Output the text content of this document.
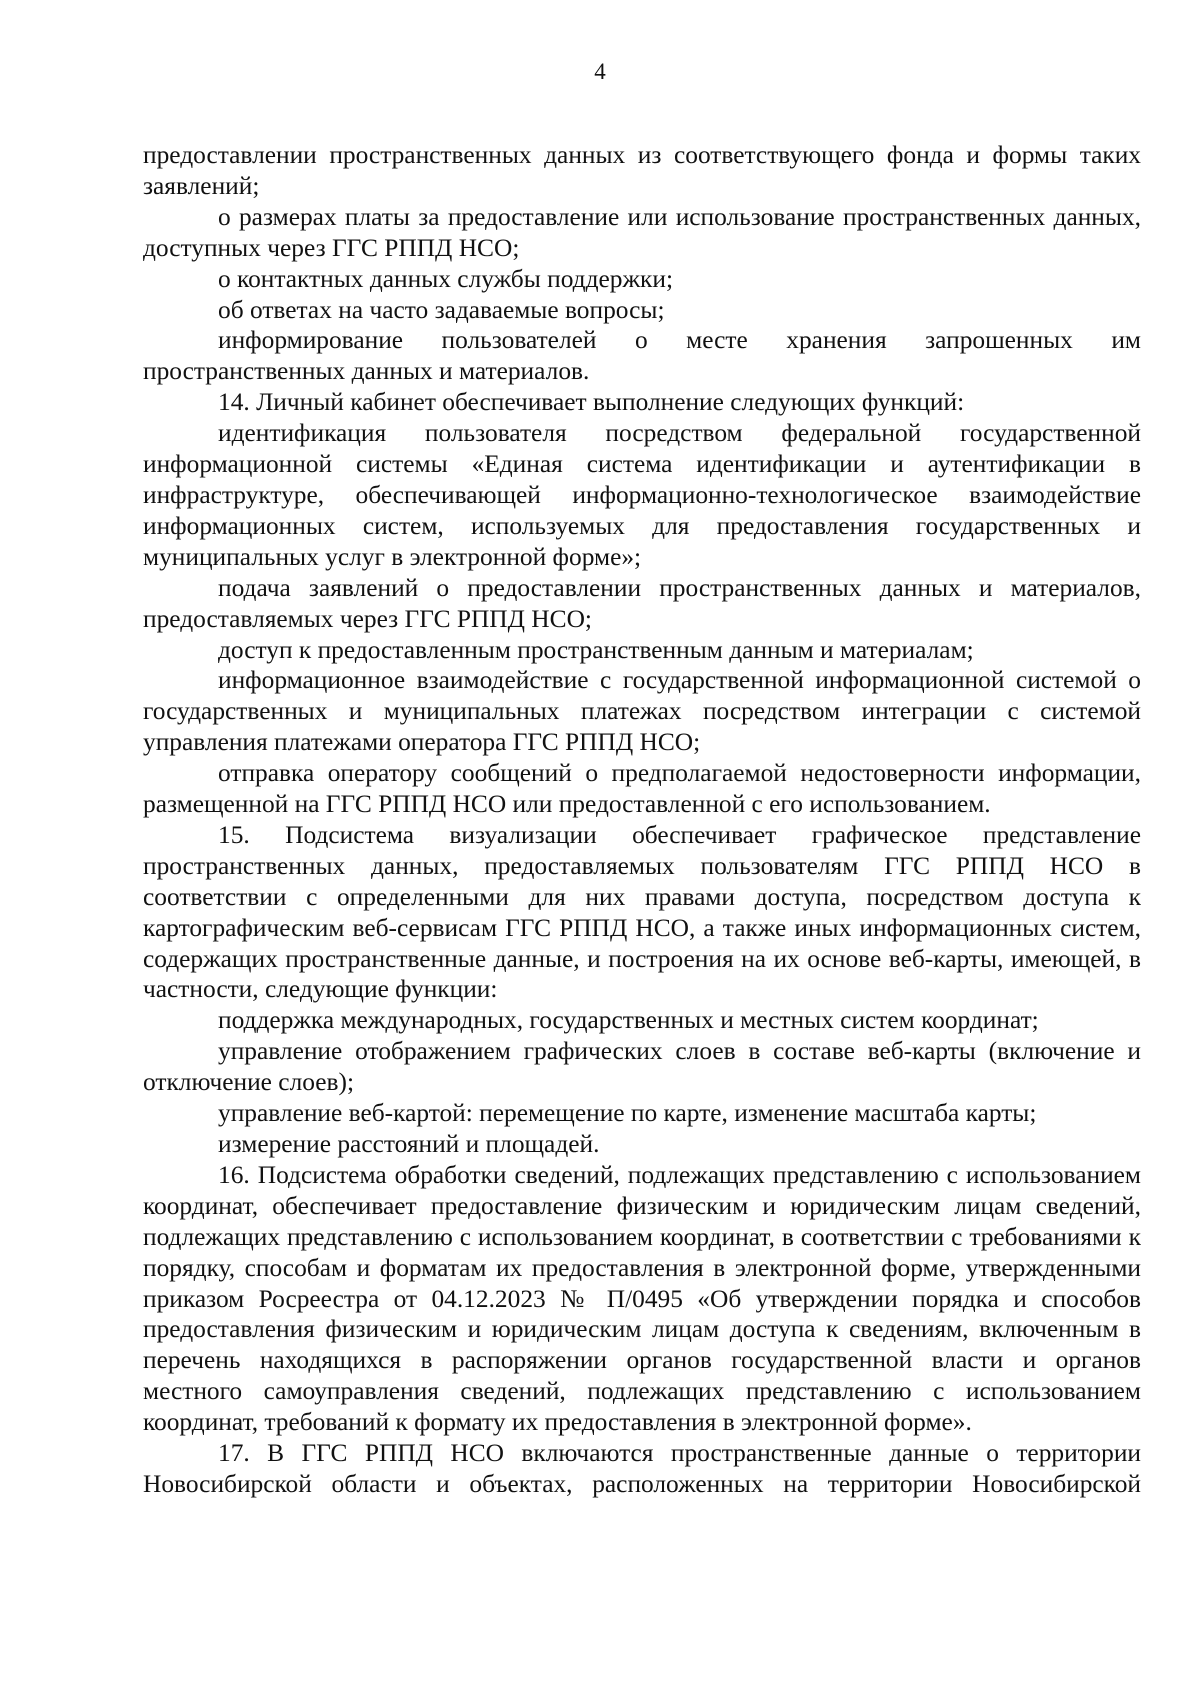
4

предоставлении пространственных данных из соответствующего фонда и формы таких заявлений;

о размерах платы за предоставление или использование пространственных данных, доступных через ГГС РППД НСО;

о контактных данных службы поддержки;

об ответах на часто задаваемые вопросы;

информирование пользователей о месте хранения запрошенных им пространственных данных и материалов.

14. Личный кабинет обеспечивает выполнение следующих функций:

идентификация пользователя посредством федеральной государственной информационной системы «Единая система идентификации и аутентификации в инфраструктуре, обеспечивающей информационно-технологическое взаимодействие информационных систем, используемых для предоставления государственных и муниципальных услуг в электронной форме»;

подача заявлений о предоставлении пространственных данных и материалов, предоставляемых через ГГС РППД НСО;

доступ к предоставленным пространственным данным и материалам;

информационное взаимодействие с государственной информационной системой о государственных и муниципальных платежах посредством интеграции с системой управления платежами оператора ГГС РППД НСО;

отправка оператору сообщений о предполагаемой недостоверности информации, размещенной на ГГС РППД НСО или предоставленной с его использованием.

15. Подсистема визуализации обеспечивает графическое представление пространственных данных, предоставляемых пользователям ГГС РППД НСО в соответствии с определенными для них правами доступа, посредством доступа к картографическим веб-сервисам ГГС РППД НСО, а также иных информационных систем, содержащих пространственные данные, и построения на их основе веб-карты, имеющей, в частности, следующие функции:

поддержка международных, государственных и местных систем координат;

управление отображением графических слоев в составе веб-карты (включение и отключение слоев);

управление веб-картой: перемещение по карте, изменение масштаба карты;

измерение расстояний и площадей.

16. Подсистема обработки сведений, подлежащих представлению с использованием координат, обеспечивает предоставление физическим и юридическим лицам сведений, подлежащих представлению с использованием координат, в соответствии с требованиями к порядку, способам и форматам их предоставления в электронной форме, утвержденными приказом Росреестра от 04.12.2023 № П/0495 «Об утверждении порядка и способов предоставления физическим и юридическим лицам доступа к сведениям, включенным в перечень находящихся в распоряжении органов государственной власти и органов местного самоуправления сведений, подлежащих представлению с использованием координат, требований к формату их предоставления в электронной форме».

17. В ГГС РППД НСО включаются пространственные данные о территории Новосибирской области и объектах, расположенных на территории Новосибирской
